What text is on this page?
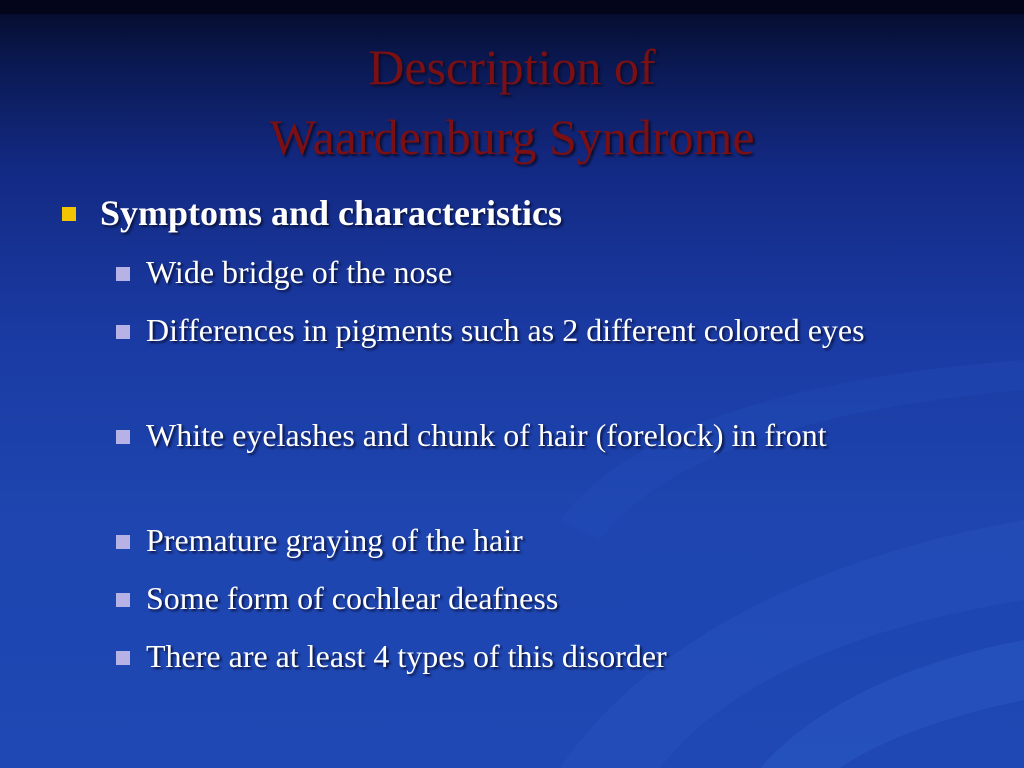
Description of
Waardenburg Syndrome
Symptoms and characteristics
Wide bridge of the nose
Differences in pigments such as 2 different colored eyes
White eyelashes and chunk of hair (forelock) in front
Premature graying of the hair
Some form of cochlear deafness
There are at least 4 types of this disorder
